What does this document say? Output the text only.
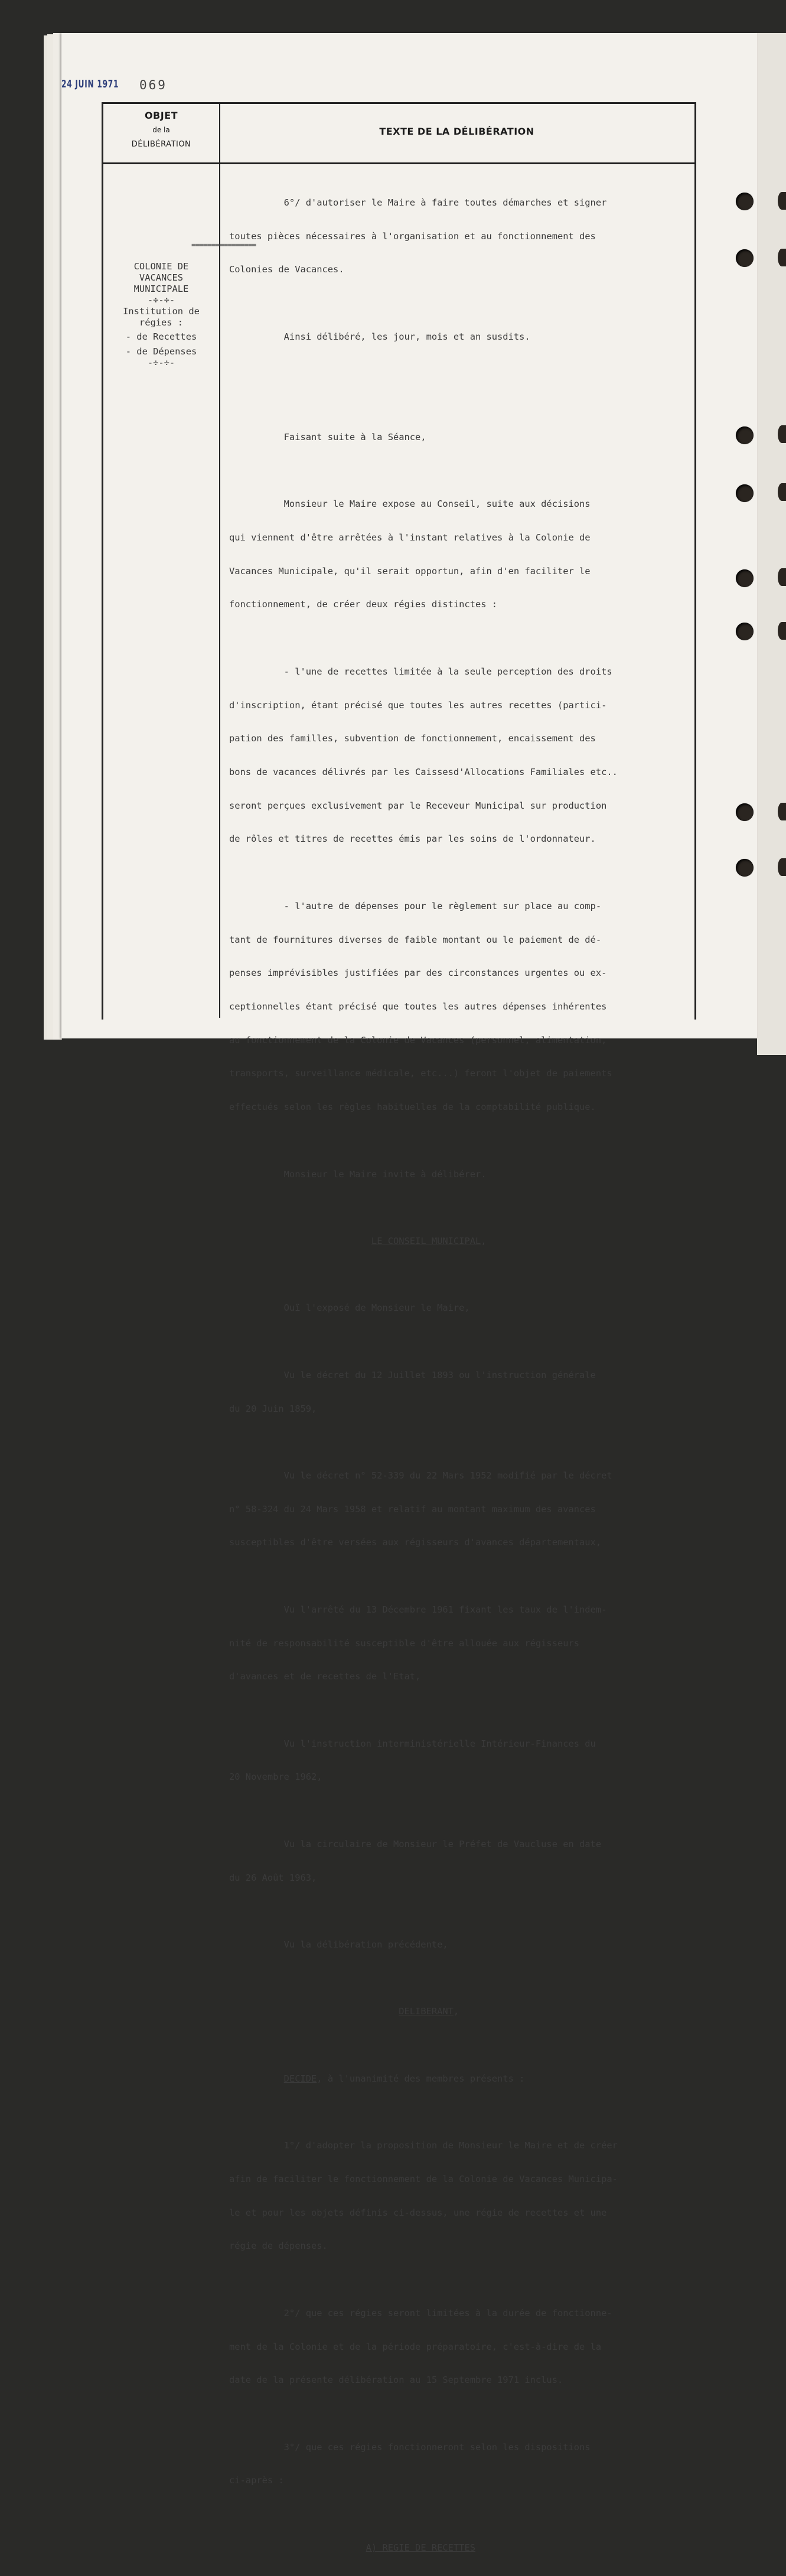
24 JUIN 1971 069
OBJET
de la
DÉLIBÉRATION
TEXTE DE LA DÉLIBÉRATION
================
COLONIE DE
VACANCES
MUNICIPALE
-÷-÷-
Institution de
régies :
- de Recettes
- de Dépenses
-÷-÷-

6°/ d'autoriser le Maire à faire toutes démarches et signer

toutes pièces nécessaires à l'organisation et au fonctionnement des

Colonies de Vacances.

Ainsi délibéré, les jour, mois et an susdits.

Faisant suite à la Séance,

Monsieur le Maire expose au Conseil, suite aux décisions

qui viennent d'être arrêtées à l'instant relatives à la Colonie de

Vacances Municipale, qu'il serait opportun, afin d'en faciliter le

fonctionnement, de créer deux régies distinctes :

- l'une de recettes limitée à la seule perception des droits

d'inscription, étant précisé que toutes les autres recettes (partici-

pation des familles, subvention de fonctionnement, encaissement des

bons de vacances délivrés par les Caissesd'Allocations Familiales etc..

seront perçues exclusivement par le Receveur Municipal sur production

de rôles et titres de recettes émis par les soins de l'ordonnateur.

- l'autre de dépenses pour le règlement sur place au comp-

tant de fournitures diverses de faible montant ou le paiement de dé-

penses imprévisibles justifiées par des circonstances urgentes ou ex-

ceptionnelles étant précisé que toutes les autres dépenses inhérentes

au fonctionnement de la Colonie de Vacances (personnel, alimentation,

transports, surveillance médicale, etc...) feront l'objet de paiements

effectués selon les règles habituelles de la comptabilité publique.

Monsieur le Maire invite à délibérer.

LE CONSEIL MUNICIPAL,

Ouï l'exposé de Monsieur le Maire,

Vu le décret du 12 Juillet 1893 ou l'instruction générale

du 20 Juin 1859,

Vu le décret n° 52-339 du 22 Mars 1952 modifié par le décret

n° 58-324 du 24 Mars 1958 et relatif au montant maximum des avances

susceptibles d'être versées aux régisseurs d'avances départementaux,

Vu l'arrêté du 13 Décembre 1961 fixant les taux de l'indem-

nité de responsabilité susceptible d'être allouée aux régisseurs

d'avances et de recettes de l'Etat,

Vu l'instruction interministérielle Intérieur-Finances du

20 Novembre 1962,

Vu la circulaire de Monsieur le Préfet de Vaucluse en date

du 26 Août 1963,

Vu la délibération précédente,

DELIBERANT,

DECIDE, à l'unanimité des membres présents :

1°/ d'adopter la proposition de Monsieur le Maire et de créer

afin de faciliter le fonctionnement de la Colonie de Vacances Municipa-

le et pour les objets définis ci-dessus, une régie de recettes et une

régie de dépenses.

2°/ que ces régies seront limitées à la durée de fonctionne-

ment de la Colonie et de la période préparatoire, c'est-à-dire de la

date de la présente délibération au 15 Septembre 1971 inclus.

3°/ que ces régies fonctionneront selon les dispositions

ci-après :

A) REGIE DE RECETTES
